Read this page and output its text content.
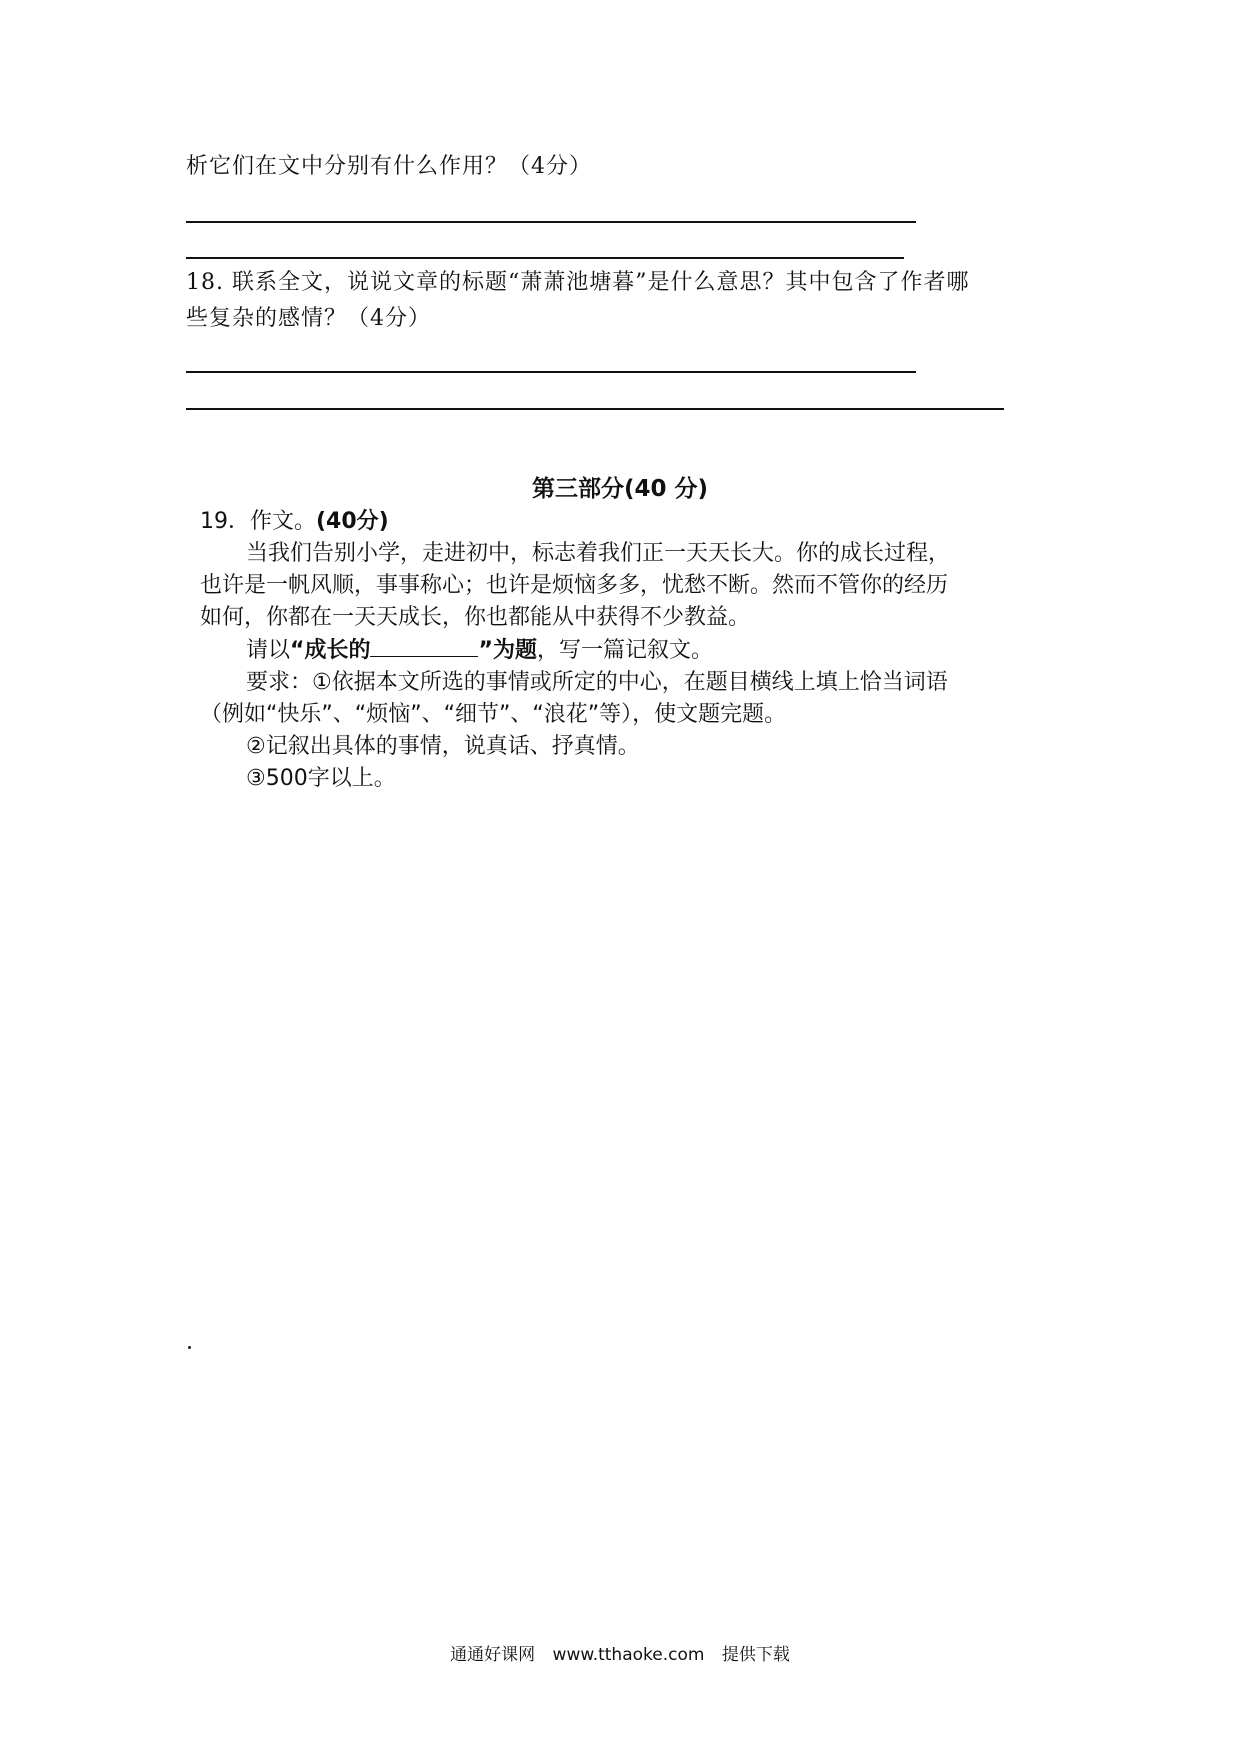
析它们在文中分别有什么作用？（4分）

18. 联系全文，说说文章的标题“萧萧池塘暮”是什么意思？其中包含了作者哪

些复杂的感情？（4分）

第三部分(40 分)

19．作文。(40分)
当我们告别小学，走进初中，标志着我们正一天天长大。你的成长过程，
也许是一帆风顺，事事称心；也许是烦恼多多，忧愁不断。然而不管你的经历
如何，你都在一天天成长，你也都能从中获得不少教益。
请以“成长的	”为题，写一篇记叙文。
要求：①依据本文所选的事情或所定的中心，在题目横线上填上恰当词语
（例如“快乐”、“烦恼”、“细节”、“浪花”等），使文题完题。
②记叙出具体的事情，说真话、抒真情。
③500字以上。

通通好课网 www.tthaoke.com 提供下载
